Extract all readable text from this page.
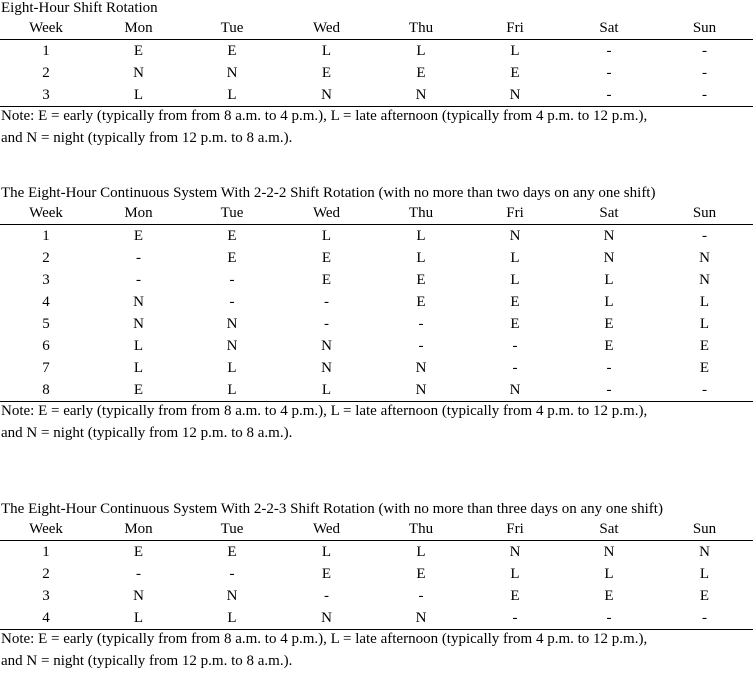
Eight-Hour Shift Rotation
Week	Mon	Tue	Wed	Thu	Fri	Sat	Sun
1	E	E	L	L	L	-	-
2	N	N	E	E	E	-	-
3	L	L	N	N	N	-	-
Note: E = early (typically from from 8 a.m. to 4 p.m.), L = late afternoon (typically from 4 p.m. to 12 p.m.),
and N = night (typically from 12 p.m. to 8 a.m.).
The Eight-Hour Continuous System With 2-2-2 Shift Rotation (with no more than two days on any one shift)
Week	Mon	Tue	Wed	Thu	Fri	Sat	Sun
1	E	E	L	L	N	N	-
2	-	E	E	L	L	N	N
3	-	-	E	E	L	L	N
4	N	-	-	E	E	L	L
5	N	N	-	-	E	E	L
6	L	N	N	-	-	E	E
7	L	L	N	N	-	-	E
8	E	L	L	N	N	-	-
Note: E = early (typically from from 8 a.m. to 4 p.m.), L = late afternoon (typically from 4 p.m. to 12 p.m.),
and N = night (typically from 12 p.m. to 8 a.m.).
The Eight-Hour Continuous System With 2-2-3 Shift Rotation (with no more than three days on any one shift)
Week	Mon	Tue	Wed	Thu	Fri	Sat	Sun
1	E	E	L	L	N	N	N
2	-	-	E	E	L	L	L
3	N	N	-	-	E	E	E
4	L	L	N	N	-	-	-
Note: E = early (typically from from 8 a.m. to 4 p.m.), L = late afternoon (typically from 4 p.m. to 12 p.m.),
and N = night (typically from 12 p.m. to 8 a.m.).
